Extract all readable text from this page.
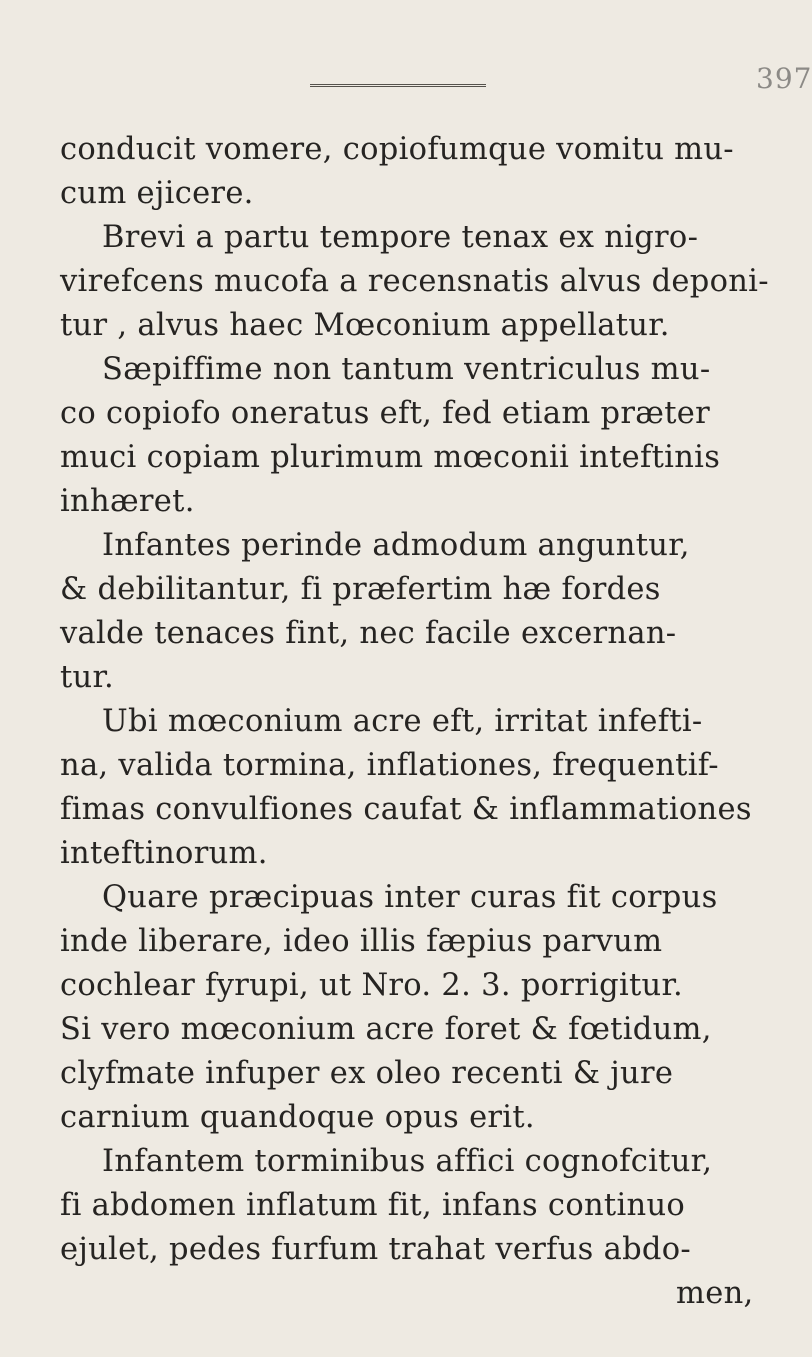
397
conducit vomere, copiofumque vomitu mu-
cum ejicere.
Brevi a partu tempore tenax ex nigro-
virefcens mucofa a recensnatis alvus deponi-
tur , alvus haec Mœconium appellatur.
Sæpiffime non tantum ventriculus mu-
co copiofo oneratus eft, fed etiam præter
muci copiam plurimum mœconii inteftinis
inhæret.
Infantes perinde admodum anguntur,
& debilitantur, fi præfertim hæ fordes
valde tenaces fint, nec facile excernan-
tur.
Ubi mœconium acre eft, irritat infefti-
na, valida tormina, inflationes, frequentif-
fimas convulfiones caufat & inflammationes
inteftinorum.
Quare præcipuas inter curas fit corpus
inde liberare, ideo illis fæpius parvum
cochlear fyrupi, ut Nro. 2. 3. porrigitur.
Si vero mœconium acre foret & fœtidum,
clyfmate infuper ex oleo recenti & jure
carnium quandoque opus erit.
Infantem torminibus affici cognofcitur,
fi abdomen inflatum fit, infans continuo
ejulet, pedes furfum trahat verfus abdo-
men,
